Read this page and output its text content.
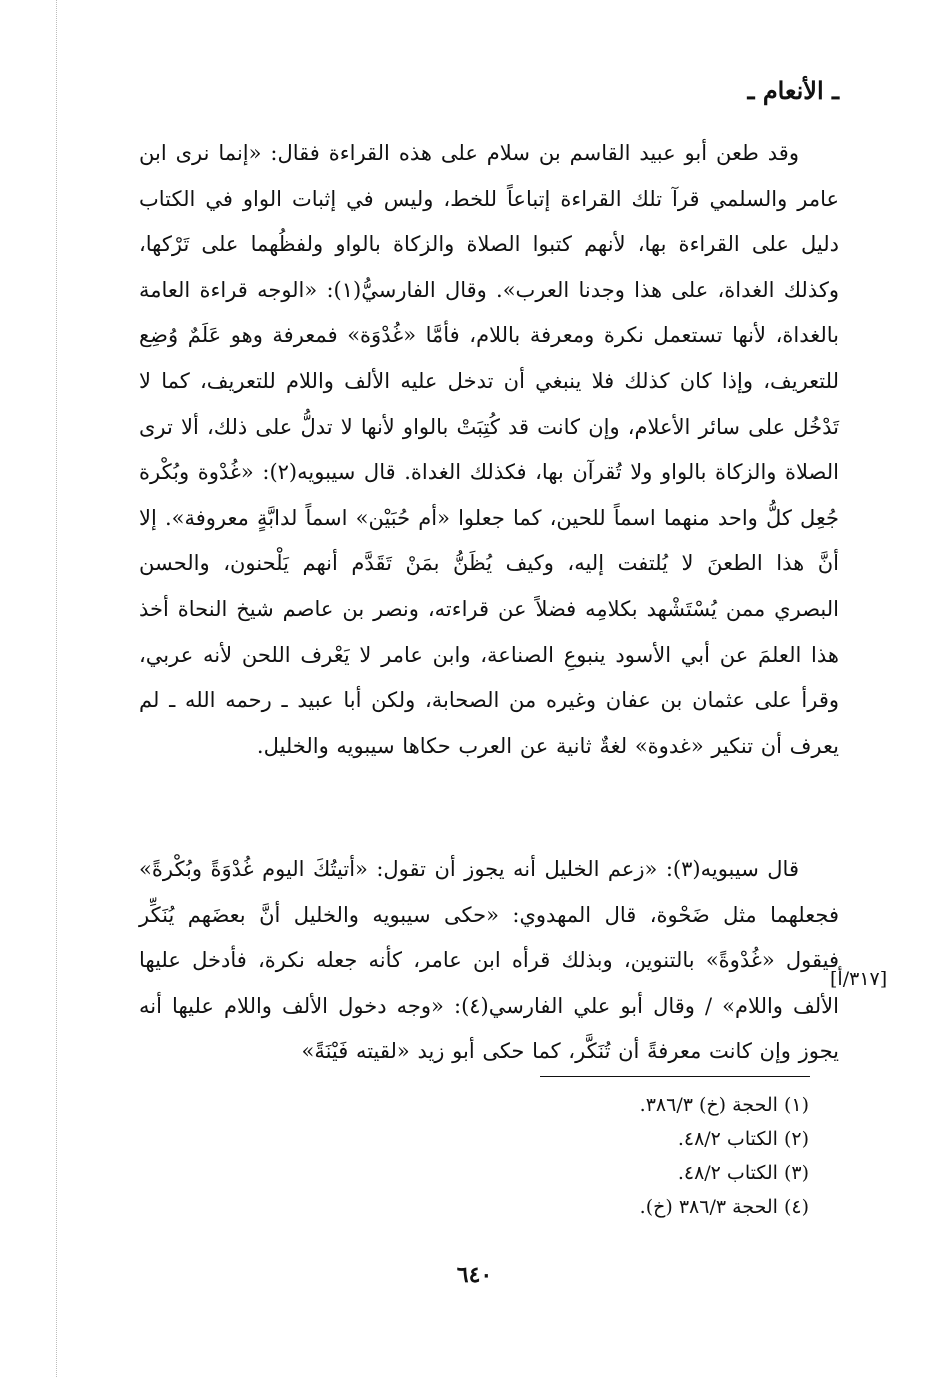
ـ الأنعام ـ

وقد طعن أبو عبيد القاسم بن سلام على هذه القراءة فقال: «إنما نرى ابن عامر والسلمي قرآ تلك القراءة إتباعاً للخط، وليس في إثبات الواو في الكتاب دليل على القراءة بها، لأنهم كتبوا الصلاة والزكاة بالواو ولفظُهما على تَرْكها، وكذلك الغداة، على هذا وجدنا العرب». وقال الفارسيُّ(١): «الوجه قراءة العامة بالغداة، لأنها تستعمل نكرة ومعرفة باللام، فأمَّا «غُدْوَة» فمعرفة وهو عَلَمٌ وُضِع للتعريف، وإذا كان كذلك فلا ينبغي أن تدخل عليه الألف واللام للتعريف، كما لا تَدْخُل على سائر الأعلام، وإن كانت قد كُتِبَتْ بالواو لأنها لا تدلُّ على ذلك، ألا ترى الصلاة والزكاة بالواو ولا تُقرآن بها، فكذلك الغداة. قال سيبويه(٢): «غُدْوة وبُكْرة جُعِل كلُّ واحد منهما اسماً للحين، كما جعلوا «أم حُبَيْن» اسماً لدابَّةٍ معروفة». إلا أنَّ هذا الطعنَ لا يُلتفت إليه، وكيف يُظَنُّ بمَنْ تَقَدَّم أنهم يَلْحنون، والحسن البصري ممن يُسْتَشْهد بكلامِه فضلاً عن قراءته، ونصر بن عاصم شيخ النحاة أخذ هذا العلمَ عن أبي الأسود ينبوعِ الصناعة، وابن عامر لا يَعْرف اللحن لأنه عربي، وقرأ على عثمان بن عفان وغيره من الصحابة، ولكن أبا عبيد ـ رحمه الله ـ لم يعرف أن تنكير «غدوة» لغةٌ ثانية عن العرب حكاها سيبويه والخليل.

قال سيبويه(٣): «زعم الخليل أنه يجوز أن تقول: «أتيتُكَ اليوم غُدْوَةً وبُكْرةً» فجعلهما مثل ضَحْوة، قال المهدوي: «حكى سيبويه والخليل أنَّ بعضَهم يُنَكِّر فيقول «غُدْوةً» بالتنوين، وبذلك قرأه ابن عامر، كأنه جعله نكرة، فأدخل عليها الألف واللام» / وقال أبو علي الفارسي(٤): «وجه دخول الألف واللام عليها أنه يجوز وإن كانت معرفةً أن تُنَكَّر، كما حكى أبو زيد «لقيته فَيْنَةً»

[٣١٧/أ]

(١) الحجة (خ) ٣٨٦/٣.

(٢) الكتاب ٤٨/٢.

(٣) الكتاب ٤٨/٢.

(٤) الحجة ٣٨٦/٣ (خ).

٦٤٠
